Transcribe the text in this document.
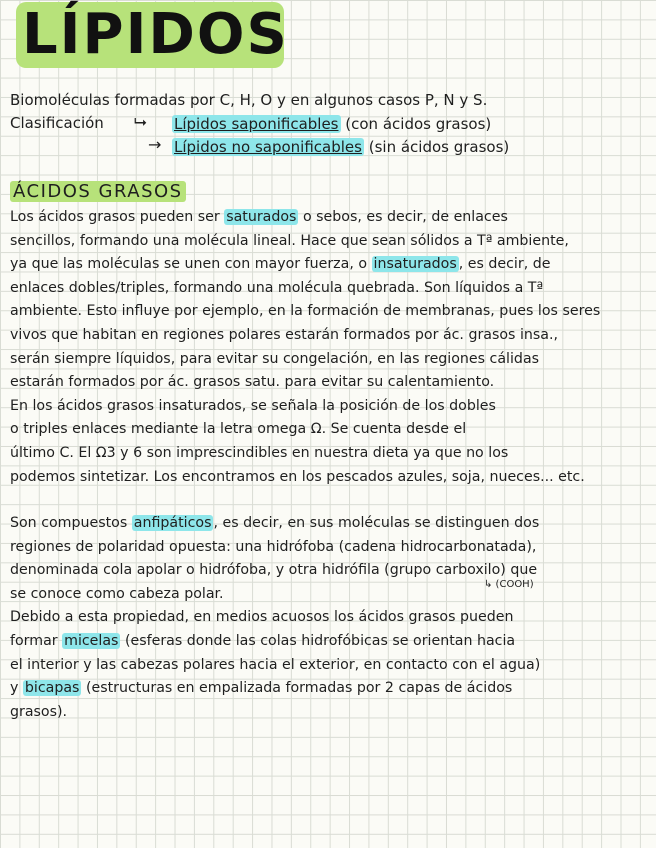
LÍPIDOS
Biomoléculas formadas por C, H, O y en algunos casos P, N y S.
Clasificación ⮡ Lípidos saponificables (con ácidos grasos)
→ Lípidos no saponificables (sin ácidos grasos)
ÁCIDOS GRASOS
Los ácidos grasos pueden ser saturados o sebos, es decir, de enlaces
sencillos, formando una molécula lineal. Hace que sean sólidos a Tª ambiente,
ya que las moléculas se unen con mayor fuerza, o insaturados , es decir, de
enlaces dobles/triples, formando una molécula quebrada. Son líquidos a Tª
ambiente. Esto influye por ejemplo, en la formación de membranas, pues los seres
vivos que habitan en regiones polares estarán formados por ác. grasos insa.,
serán siempre líquidos, para evitar su congelación, en las regiones cálidas
estarán formados por ác. grasos satu. para evitar su calentamiento.
En los ácidos grasos insaturados, se señala la posición de los dobles
o triples enlaces mediante la letra omega Ω. Se cuenta desde el
último C. El Ω3 y 6 son imprescindibles en nuestra dieta ya que no los
podemos sintetizar. Los encontramos en los pescados azules, soja, nueces... etc.
Son compuestos anfipáticos , es decir, en sus moléculas se distinguen dos
regiones de polaridad opuesta: una hidrófoba (cadena hidrocarbonatada),
denominada cola apolar o hidrófoba, y otra hidrófila (grupo carboxilo) que
se conoce como cabeza polar.
Debido a esta propiedad, en medios acuosos los ácidos grasos pueden
formar micelas (esferas donde las colas hidrofóbicas se orientan hacia
el interior y las cabezas polares hacia el exterior, en contacto con el agua)
y bicapas (estructuras en empalizada formadas por 2 capas de ácidos
grasos).
↳ (COOH)
